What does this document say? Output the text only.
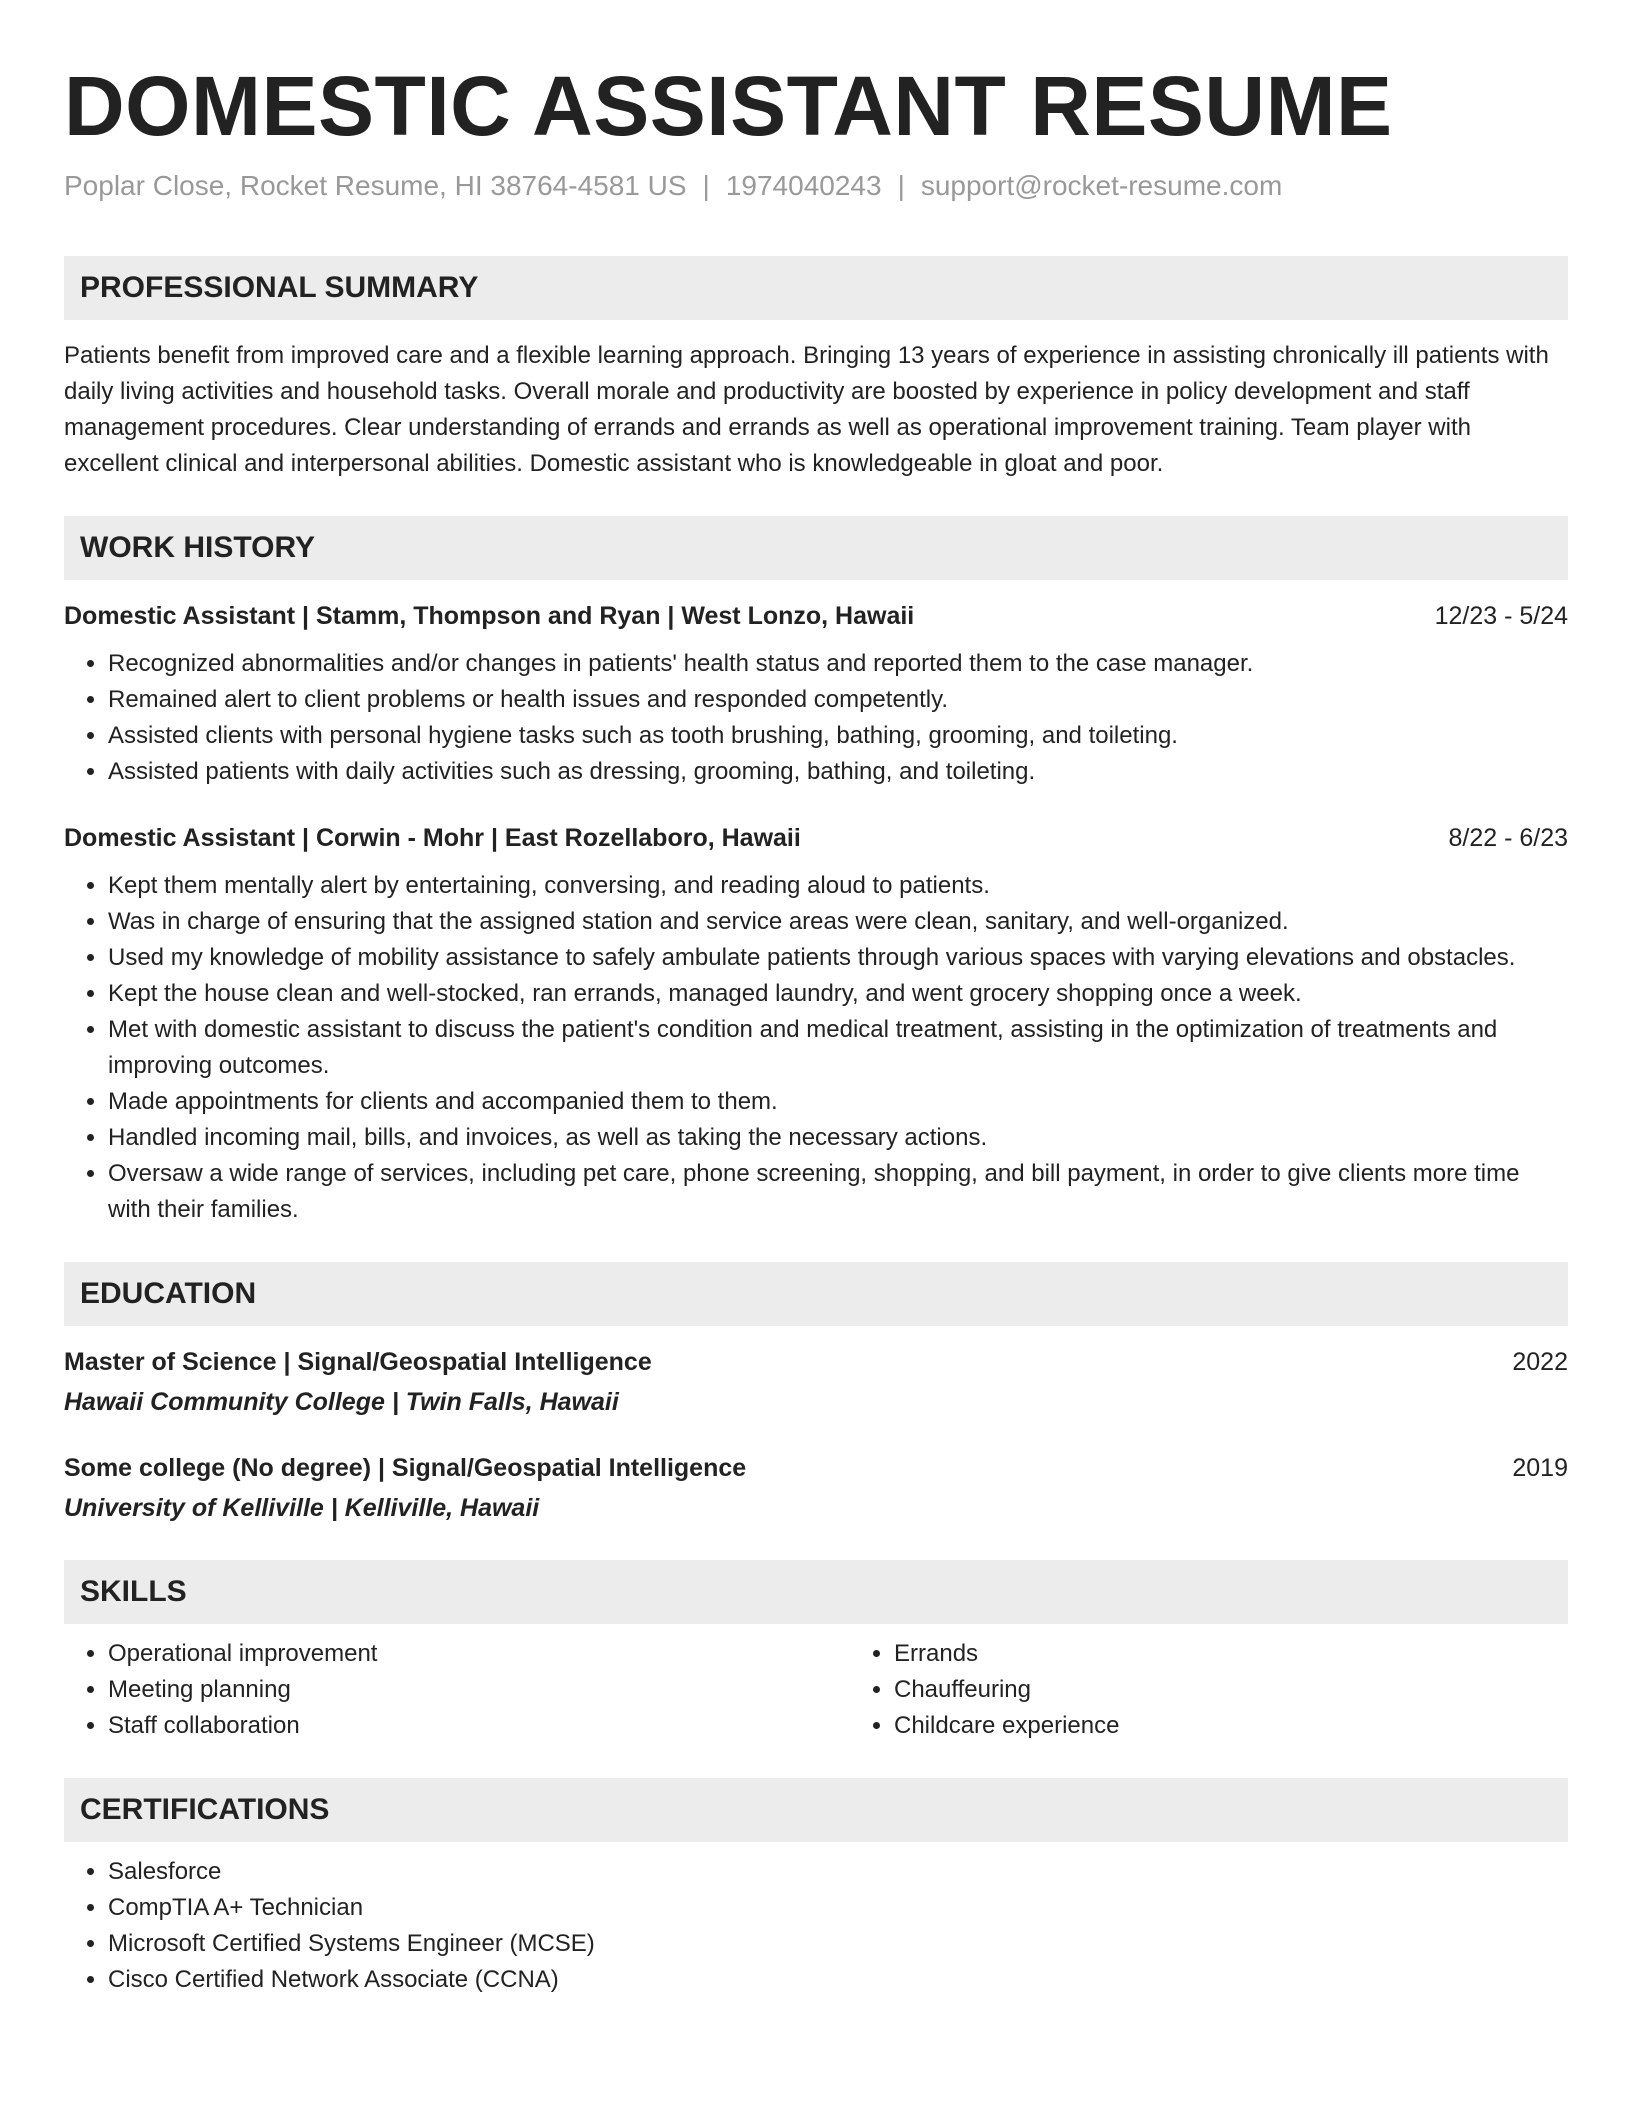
DOMESTIC ASSISTANT RESUME
Poplar Close, Rocket Resume, HI 38764-4581 US | 1974040243 | support@rocket-resume.com
PROFESSIONAL SUMMARY

Patients benefit from improved care and a flexible learning approach. Bringing 13 years of experience in assisting chronically ill patients with daily living activities and household tasks. Overall morale and productivity are boosted by experience in policy development and staff management procedures. Clear understanding of errands and errands as well as operational improvement training. Team player with excellent clinical and interpersonal abilities. Domestic assistant who is knowledgeable in gloat and poor.

WORK HISTORY
Domestic Assistant | Stamm, Thompson and Ryan | West Lonzo, Hawaii	12/23 - 5/24
• Recognized abnormalities and/or changes in patients' health status and reported them to the case manager.
• Remained alert to client problems or health issues and responded competently.
• Assisted clients with personal hygiene tasks such as tooth brushing, bathing, grooming, and toileting.
• Assisted patients with daily activities such as dressing, grooming, bathing, and toileting.
Domestic Assistant | Corwin - Mohr | East Rozellaboro, Hawaii	8/22 - 6/23
• Kept them mentally alert by entertaining, conversing, and reading aloud to patients.
• Was in charge of ensuring that the assigned station and service areas were clean, sanitary, and well-organized.
• Used my knowledge of mobility assistance to safely ambulate patients through various spaces with varying elevations and obstacles.
• Kept the house clean and well-stocked, ran errands, managed laundry, and went grocery shopping once a week.
• Met with domestic assistant to discuss the patient's condition and medical treatment, assisting in the optimization of treatments and improving outcomes.
• Made appointments for clients and accompanied them to them.
• Handled incoming mail, bills, and invoices, as well as taking the necessary actions.
• Oversaw a wide range of services, including pet care, phone screening, shopping, and bill payment, in order to give clients more time with their families.
EDUCATION
Master of Science | Signal/Geospatial Intelligence	2022
Hawaii Community College | Twin Falls, Hawaii
Some college (No degree) | Signal/Geospatial Intelligence	2019
University of Kelliville | Kelliville, Hawaii
SKILLS
• Operational improvement
• Meeting planning
• Staff collaboration
• Errands
• Chauffeuring
• Childcare experience
CERTIFICATIONS
• Salesforce
• CompTIA A+ Technician
• Microsoft Certified Systems Engineer (MCSE)
• Cisco Certified Network Associate (CCNA)
